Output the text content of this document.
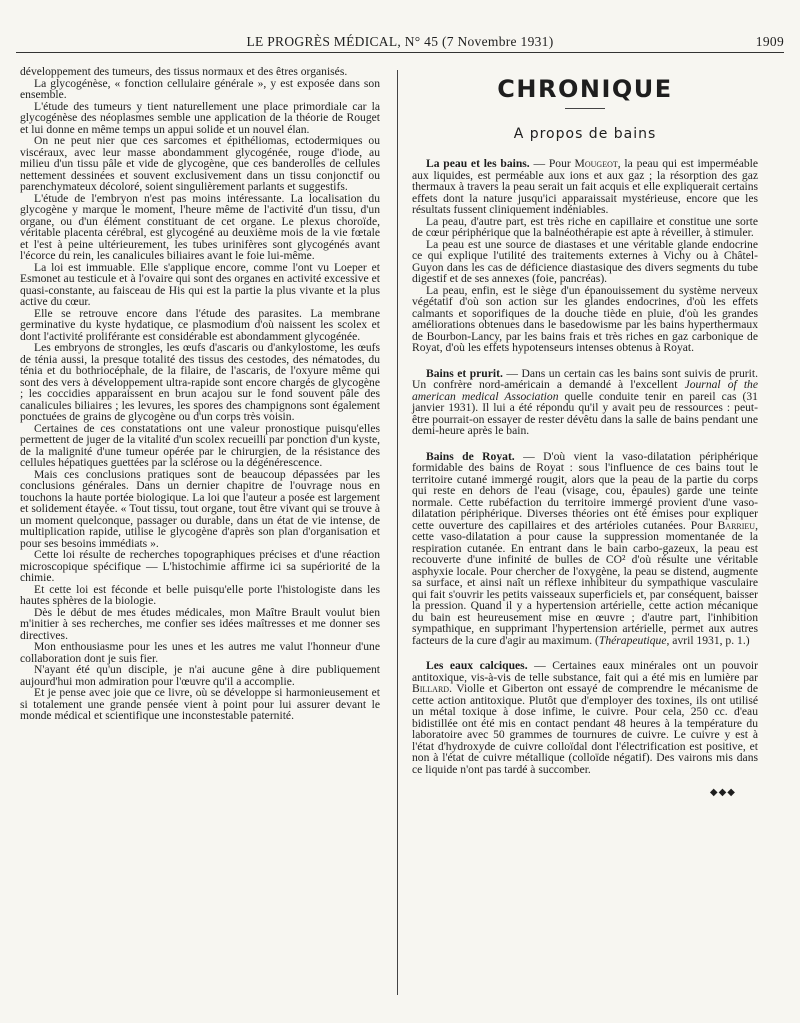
LE PROGRÈS MÉDICAL, N° 45 (7 Novembre 1931)	1909

développement des tumeurs, des tissus normaux et des êtres organisés.

La glycogénèse, « fonction cellulaire générale », y est exposée dans son ensemble.

L'étude des tumeurs y tient naturellement une place primordiale car la glycogénèse des néoplasmes semble une application de la théorie de Rouget et lui donne en même temps un appui solide et un nouvel élan.

On ne peut nier que ces sarcomes et épithéliomas, ectodermiques ou viscéraux, avec leur masse abondamment glycogénée, rouge d'iode, au milieu d'un tissu pâle et vide de glycogène, que ces banderolles de cellules nettement dessinées et souvent exclusivement dans un tissu conjonctif ou parenchymateux décoloré, soient singulièrement parlants et suggestifs.

L'étude de l'embryon n'est pas moins intéressante. La localisation du glycogène y marque le moment, l'heure même de l'activité d'un tissu, d'un organe, ou d'un élément constituant de cet organe. Le plexus choroïde, véritable placenta cérébral, est glycogéné au deuxième mois de la vie fœtale et l'est à peine ultérieurement, les tubes urinifères sont glycogénés avant l'écorce du rein, les canalicules biliaires avant le foie lui-même.

La loi est immuable. Elle s'applique encore, comme l'ont vu Loeper et Esmonet au testicule et à l'ovaire qui sont des organes en activité excessive et quasi-constante, au faisceau de His qui est la partie la plus vivante et la plus active du cœur.

Elle se retrouve encore dans l'étude des parasites. La membrane germinative du kyste hydatique, ce plasmodium d'où naissent les scolex et dont l'activité proliférante est considérable est abondamment glycogénée.

Les embryons de strongles, les œufs d'ascaris ou d'ankylostome, les œufs de ténia aussi, la presque totalité des tissus des cestodes, des nématodes, du ténia et du bothriocéphale, de la filaire, de l'ascaris, de l'oxyure même qui sont des vers à développement ultra-rapide sont encore chargés de glycogène ; les coccidies apparaissent en brun acajou sur le fond souvent pâle des canalicules biliaires ; les levures, les spores des champignons sont également ponctuées de grains de glycogène ou d'un corps très voisin.

Certaines de ces constatations ont une valeur pronostique puisqu'elles permettent de juger de la vitalité d'un scolex recueilli par ponction d'un kyste, de la malignité d'une tumeur opérée par le chirurgien, de la résistance des cellules hépatiques guettées par la sclérose ou la dégénérescence.

Mais ces conclusions pratiques sont de beaucoup dépassées par les conclusions générales. Dans un dernier chapitre de l'ouvrage nous en touchons la haute portée biologique. La loi que l'auteur a posée est largement et solidement étayée. « Tout tissu, tout organe, tout être vivant qui se trouve à un moment quelconque, passager ou durable, dans un état de vie intense, de multiplication rapide, utilise le glycogène d'après son plan d'organisation et pour ses besoins immédiats ».

Cette loi résulte de recherches topographiques précises et d'une réaction microscopique spécifique — L'histochimie affirme ici sa supériorité de la chimie.

Et cette loi est féconde et belle puisqu'elle porte l'histologiste dans les hautes sphères de la biologie.

Dès le début de mes études médicales, mon Maître Brault voulut bien m'initier à ses recherches, me confier ses idées maîtresses et me donner ses directives.

Mon enthousiasme pour les unes et les autres me valut l'honneur d'une collaboration dont je suis fier.

N'ayant été qu'un disciple, je n'ai aucune gêne à dire publiquement aujourd'hui mon admiration pour l'œuvre qu'il a accomplie.

Et je pense avec joie que ce livre, où se développe si harmonieusement et si totalement une grande pensée vient à point pour lui assurer devant le monde médical et scientifique une inconstestable paternité.

CHRONIQUE
A propos de bains

La peau et les bains. — Pour Mougeot, la peau qui est imperméable aux liquides, est perméable aux ions et aux gaz ; la résorption des gaz thermaux à travers la peau serait un fait acquis et elle expliquerait certains effets dont la nature jusqu'ici apparaissait mystérieuse, encore que les résultats fussent cliniquement indéniables.

La peau, d'autre part, est très riche en capillaire et constitue une sorte de cœur périphérique que la balnéothérapie est apte à réveiller, à stimuler.

La peau est une source de diastases et une véritable glande endocrine ce qui explique l'utilité des traitements externes à Vichy ou à Châtel-Guyon dans les cas de déficience diastasique des divers segments du tube digestif et de ses annexes (foie, pancréas).

La peau, enfin, est le siège d'un épanouissement du système nerveux végétatif d'où son action sur les glandes endocrines, d'où les effets calmants et soporifiques de la douche tiède en pluie, d'où les grandes améliorations obtenues dans le basedowisme par les bains hyperthermaux de Bourbon-Lancy, par les bains frais et très riches en gaz carbonique de Royat, d'où les effets hypotenseurs intenses obtenus à Royat.

Bains et prurit. — Dans un certain cas les bains sont suivis de prurit. Un confrère nord-américain a demandé à l'excellent Journal of the american medical Association quelle conduite tenir en pareil cas (31 janvier 1931). Il lui a été répondu qu'il y avait peu de ressources : peut-être pourrait-on essayer de rester dévêtu dans la salle de bains pendant une demi-heure après le bain.

Bains de Royat. — D'où vient la vaso-dilatation périphérique formidable des bains de Royat : sous l'influence de ces bains tout le territoire cutané immergé rougit, alors que la peau de la partie du corps qui reste en dehors de l'eau (visage, cou, épaules) garde une teinte normale. Cette rubéfaction du territoire immergé provient d'une vaso-dilatation périphérique. Diverses théories ont été émises pour expliquer cette ouverture des capillaires et des artérioles cutanées. Pour Barrieu, cette vaso-dilatation a pour cause la suppression momentanée de la respiration cutanée. En entrant dans le bain carbo-gazeux, la peau est recouverte d'une infinité de bulles de CO² d'où résulte une véritable asphyxie locale. Pour chercher de l'oxygène, la peau se distend, augmente sa surface, et ainsi naît un réflexe inhibiteur du sympathique vasculaire qui fait s'ouvrir les petits vaisseaux superficiels et, par conséquent, baisser la pression. Quand il y a hypertension artérielle, cette action mécanique du bain est heureusement mise en œuvre ; d'autre part, l'inhibition sympathique, en supprimant l'hypertension artérielle, permet aux autres facteurs de la cure d'agir au maximum. (Thérapeutique, avril 1931, p. 1.)

Les eaux calciques. — Certaines eaux minérales ont un pouvoir antitoxique, vis-à-vis de telle substance, fait qui a été mis en lumière par Billard. Violle et Giberton ont essayé de comprendre le mécanisme de cette action antitoxique. Plutôt que d'employer des toxines, ils ont utilisé un métal toxique à dose infime, le cuivre. Pour cela, 250 cc. d'eau bidistillée ont été mis en contact pendant 48 heures à la température du laboratoire avec 50 grammes de tournures de cuivre. Le cuivre y est à l'état d'hydroxyde de cuivre colloïdal dont l'électrification est positive, et non à l'état de cuivre métallique (colloïde négatif). Des vairons mis dans ce liquide n'ont pas tardé à succomber.

◆◆◆
